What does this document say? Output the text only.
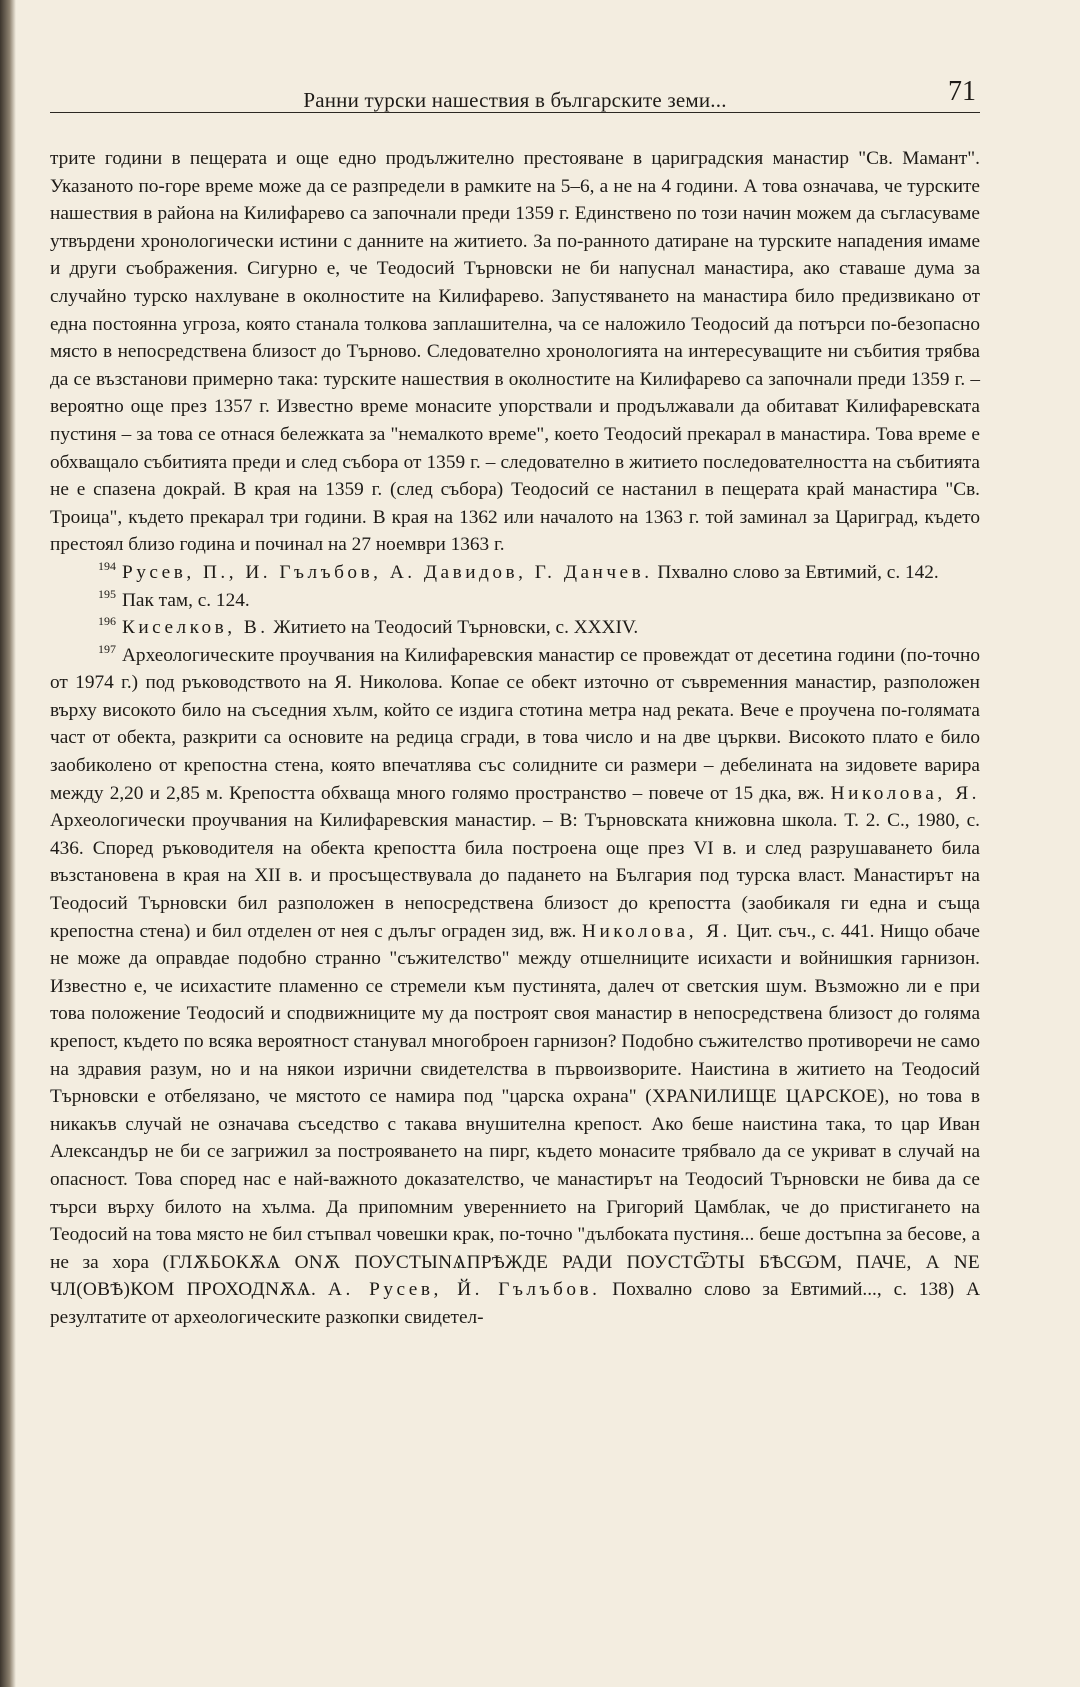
Ранни турски нашествия в българските земи...	71

трите години в пещерата и още едно продължително престояване в цариградския манастир "Св. Мамант". Указаното по-горе време може да се разпредели в рамките на 5–6, а не на 4 години. А това означава, че турските нашествия в района на Килифарево са започнали преди 1359 г. Единствено по този начин можем да съгласуваме утвърдени хронологически истини с данните на житието. За по-ранното датиране на турските нападения имаме и други съображения. Сигурно е, че Теодосий Търновски не би напуснал манастира, ако ставаше дума за случайно турско нахлуване в околностите на Килифарево. Запустяването на манастира било предизвикано от една постоянна угроза, която станала толкова заплашителна, ча се наложило Теодосий да потърси по-безопасно място в непосредствена близост до Търново. Следователно хронологията на интересуващите ни събития трябва да се възстанови примерно така: турските нашествия в околностите на Килифарево са започнали преди 1359 г. – вероятно още през 1357 г. Известно време монасите упорствали и продължавали да обитават Килифаревската пустиня – за това се отнася бележката за "немалкото време", което Теодосий прекарал в манастира. Това време е обхващало събитията преди и след събора от 1359 г. – следователно в житието последователността на събитията не е спазена докрай. В края на 1359 г. (след събора) Теодосий се настанил в пещерата край манастира "Св. Троица", където прекарал три години. В края на 1362 или началото на 1363 г. той заминал за Цариград, където престоял близо година и починал на 27 ноември 1363 г.

$^{194}$ Русев, П., И. Гълъбов, А. Давидов, Г. Данчев. Пхвално слово за Евтимий, с. 142.

$^{195}$ Пак там, с. 124.

$^{196}$ Киселков, В. Житието на Теодосий Търновски, с. XXXIV.

$^{197}$ Археологическите проучвания на Килифаревския манастир се провеждат от десетина години (по-точно от 1974 г.) под ръководството на Я. Николова. Копае се обект източно от съвременния манастир, разположен върху високото било на съседния хълм, който се издига стотина метра над реката. Вече е проучена по-голямата част от обекта, разкрити са основите на редица сгради, в това число и на две църкви. Високото плато е било заобиколено от крепостна стена, която впечатлява със солидните си размери – дебелината на зидовете варира между 2,20 и 2,85 м. Крепостта обхваща много голямо пространство – повече от 15 дка, вж. Николова, Я. Археологически проучвания на Килифаревския манастир. – В: Търновската книжовна школа. Т. 2. С., 1980, с. 436. Според ръководителя на обекта крепостта била построена още през VI в. и след разрушаването била възстановена в края на XII в. и просъществувала до падането на България под турска власт. Манастирът на Теодосий Търновски бил разположен в непосредствена близост до крепостта (заобикаля ги една и съща крепостна стена) и бил отделен от нея с дълъг ограден зид, вж. Николова, Я. Цит. съч., с. 441. Нищо обаче не може да оправдае подобно странно "съжителство" между отшелниците исихасти и войнишкия гарнизон. Известно е, че исихастите пламенно се стремели към пустинята, далеч от светския шум. Възможно ли е при това положение Теодосий и сподвижниците му да построят своя манастир в непосредствена близост до голяма крепост, където по всяка вероятност станувал многоброен гарнизон? Подобно съжителство противоречи не само на здравия разум, но и на някои изрични свидетелства в първоизворите. Наистина в житието на Теодосий Търновски е отбелязано, че мястото се намира под "царска охрана" (ХРАNИЛИЩЕ ЦАРСКОЕ), но това в никакъв случай не означава съседство с такава внушителна крепост. Ако беше наистина така, то цар Иван Александър не би се загрижил за построяването на пирг, където монасите трябвало да се укриват в случай на опасност. Това според нас е най-важното доказателство, че манастирът на Теодосий Търновски не бива да се търси върху билото на хълма. Да припомним увереннието на Григорий Цамблак, че до пристигането на Теодосий на това място не бил стъпвал човешки крак, по-точно "дълбоката пустиня... беше достъпна за бесове, а не за хора (ГЛѪБОКѪѦ ОNѪ ПОУСТЫNѦПРѢЖДЕ РАДИ ПОУСТѾТЫ БѢСѠМ, ПАЧЕ, А NЕ ЧЛ(ОВѢ)КОМ ПРОХОДNѪѦ. А. Русев, Й. Гълъбов. Похвално слово за Евтимий..., с. 138) А резултатите от археологическите разкопки свидетел-
